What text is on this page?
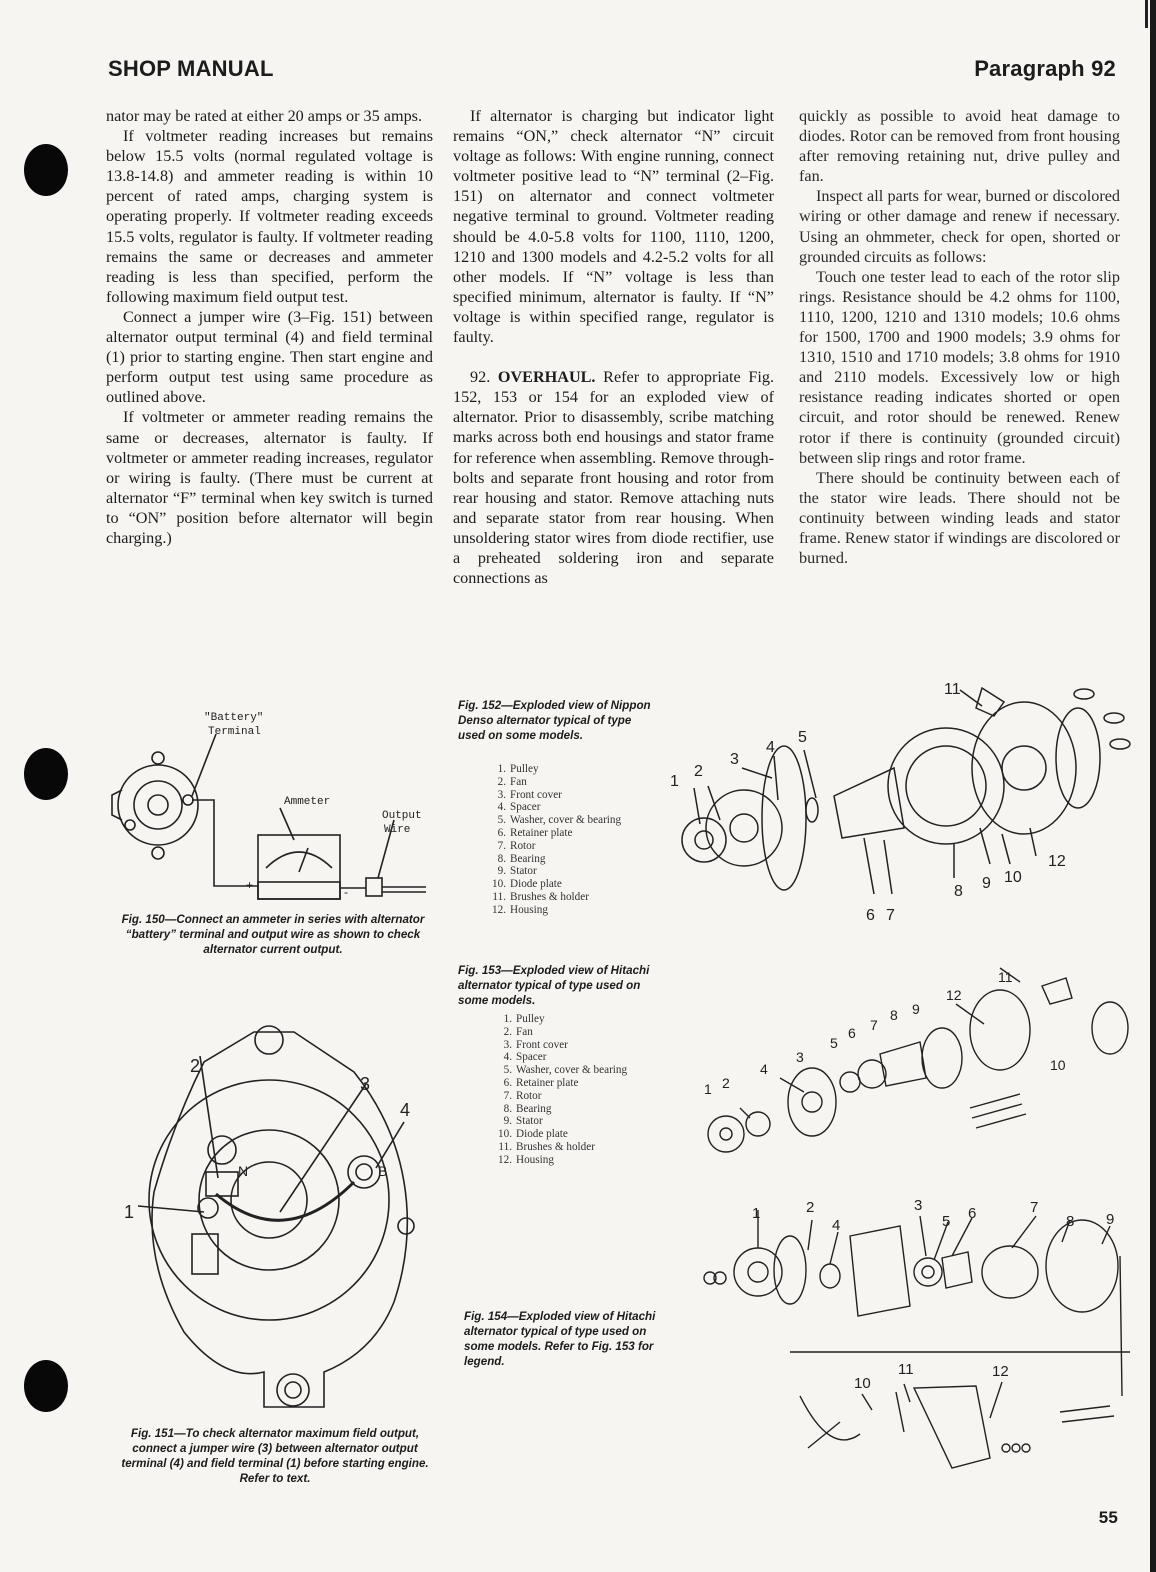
SHOP MANUAL	Paragraph 92

nator may be rated at either 20 amps or 35 amps.

If voltmeter reading increases but remains below 15.5 volts (normal regulated voltage is 13.8-14.8) and ammeter reading is within 10 percent of rated amps, charging system is operating properly. If voltmeter reading exceeds 15.5 volts, regulator is faulty. If voltmeter reading remains the same or decreases and ammeter reading is less than specified, perform the following maximum field output test.

Connect a jumper wire (3–Fig. 151) between alternator output terminal (4) and field terminal (1) prior to starting engine. Then start engine and perform output test using same procedure as outlined above.

If voltmeter or ammeter reading remains the same or decreases, alternator is faulty. If voltmeter or ammeter reading increases, regulator or wiring is faulty. (There must be current at alternator “F” terminal when key switch is turned to “ON” position before alternator will begin charging.)

If alternator is charging but indicator light remains “ON,” check alternator “N” circuit voltage as follows: With engine running, connect voltmeter positive lead to “N” terminal (2–Fig. 151) on alternator and connect voltmeter negative terminal to ground. Voltmeter reading should be 4.0-5.8 volts for 1100, 1110, 1200, 1210 and 1300 models and 4.2-5.2 volts for all other models. If “N” voltage is less than specified minimum, alternator is faulty. If “N” voltage is within specified range, regulator is faulty.

92. OVERHAUL. Refer to appropriate Fig. 152, 153 or 154 for an exploded view of alternator. Prior to disassembly, scribe matching marks across both end housings and stator frame for reference when assembling. Remove through-bolts and separate front housing and rotor from rear housing and stator. Remove attaching nuts and separate stator from rear housing. When unsoldering stator wires from diode rectifier, use a preheated soldering iron and separate connections as

quickly as possible to avoid heat damage to diodes. Rotor can be removed from front housing after removing retaining nut, drive pulley and fan.

Inspect all parts for wear, burned or discolored wiring or other damage and renew if necessary. Using an ohmmeter, check for open, shorted or grounded circuits as follows:

Touch one tester lead to each of the rotor slip rings. Resistance should be 4.2 ohms for 1100, 1110, 1200, 1210 and 1310 models; 10.6 ohms for 1500, 1700 and 1900 models; 3.9 ohms for 1310, 1510 and 1710 models; 3.8 ohms for 1910 and 2110 models. Excessively low or high resistance reading indicates shorted or open circuit, and rotor should be renewed. Renew rotor if there is continuity (grounded circuit) between slip rings and rotor frame.

There should be continuity between each of the stator wire leads. There should not be continuity between winding leads and stator frame. Renew stator if windings are discolored or burned.

+	-
"Battery"
Terminal
Ammeter
Output
Wire
Fig. 150—Connect an ammeter in series with alternator “battery” terminal and output wire as shown to check alternator current output.
2
3
4
1
N	B
Fig. 151—To check alternator maximum field output, connect a jumper wire (3) between alternator output terminal (4) and field terminal (1) before starting engine. Refer to text.
Fig. 152—Exploded view of Nippon Denso alternator typical of type used on some models.
1. Pulley
2. Fan
3. Front cover
4. Spacer
5. Washer, cover & bearing
6. Retainer plate
7. Rotor
8. Bearing
9. Stator
10. Diode plate
11. Brushes & holder
12. Housing
1
2
3
4
5
6 7
8 9 10
11
12
Fig. 153—Exploded view of Hitachi alternator typical of type used on some models.
1. Pulley
2. Fan
3. Front cover
4. Spacer
5. Washer, cover & bearing
6. Retainer plate
7. Rotor
8. Bearing
9. Stator
10. Diode plate
11. Brushes & holder
12. Housing
1 2
3
4
5
6 7
8 9
10
11
12
Fig. 154—Exploded view of Hitachi alternator typical of type used on some models. Refer to Fig. 153 for legend.
1	2	3
4	5 6	7
8 9
10
11	12
55
